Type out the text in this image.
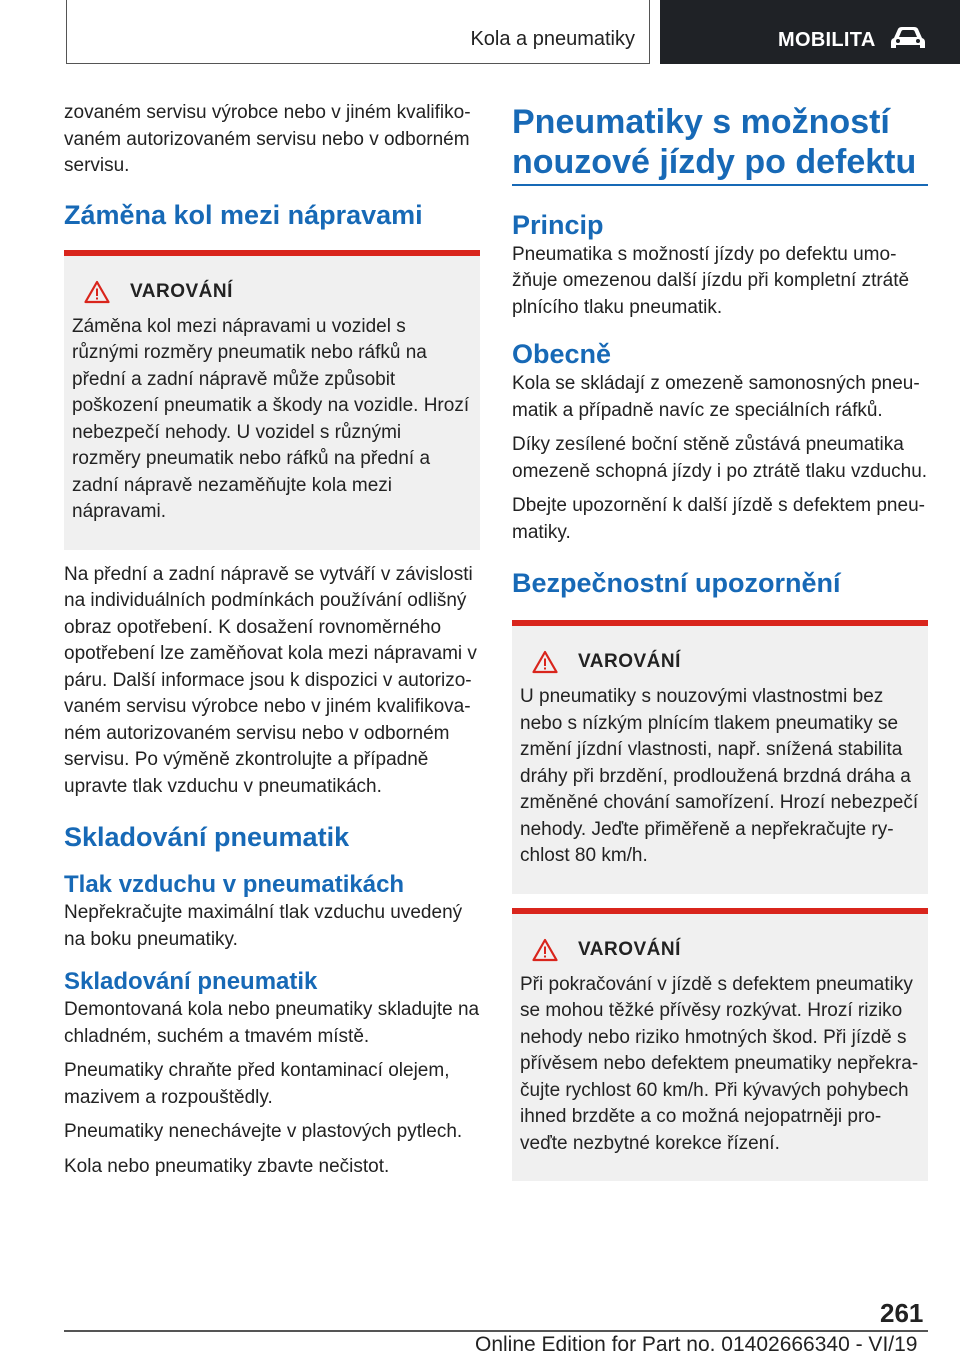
Kola a pneumatiky	MOBILITA

zovaném servisu výrobce nebo v jiném kvalifikovaném autorizovaném servisu nebo v odborném servisu.

Záměna kol mezi nápravami
VAROVÁNÍ

Záměna kol mezi nápravami u vozidel s různými rozměry pneumatik nebo ráfků na přední a zadní nápravě může způsobit poškození pneumatik a škody na vozidle. Hrozí nebezpečí nehody. U vozidel s různými rozměry pneumatik nebo ráfků na přední a zadní nápravě nezaměňujte kola mezi nápravami.

Na přední a zadní nápravě se vytváří v závislosti na individuálních podmínkách používání odlišný obraz opotřebení. K dosažení rovnoměrného opotřebení lze zaměňovat kola mezi nápravami v páru. Další informace jsou k dispozici v autorizovaném servisu výrobce nebo v jiném kvalifikovaném autorizovaném servisu nebo v odborném servisu. Po výměně zkontrolujte a případně upravte tlak vzduchu v pneumatikách.

Skladování pneumatik
Tlak vzduchu v pneumatikách

Nepřekračujte maximální tlak vzduchu uvedený na boku pneumatiky.

Skladování pneumatik

Demontovaná kola nebo pneumatiky skladujte na chladném, suchém a tmavém místě.

Pneumatiky chraňte před kontaminací olejem, mazivem a rozpouštědly.

Pneumatiky nenechávejte v plastových pytlech.

Kola nebo pneumatiky zbavte nečistot.

Pneumatiky s možností nouzové jízdy po defektu
Princip

Pneumatika s možností jízdy po defektu umožňuje omezenou další jízdu při kompletní ztrátě plnícího tlaku pneumatik.

Obecně

Kola se skládají z omezeně samonosných pneumatik a případně navíc ze speciálních ráfků.

Díky zesílené boční stěně zůstává pneumatika omezeně schopná jízdy i po ztrátě tlaku vzduchu.

Dbejte upozornění k další jízdě s defektem pneumatiky.

Bezpečnostní upozornění
VAROVÁNÍ

U pneumatiky s nouzovými vlastnostmi bez nebo s nízkým plnícím tlakem pneumatiky se změní jízdní vlastnosti, např. snížená stabilita dráhy při brzdění, prodloužená brzdná dráha a změněné chování samořízení. Hrozí nebezpečí nehody. Jeďte přiměřeně a nepřekračujte rychlost 80 km/h.

VAROVÁNÍ

Při pokračování v jízdě s defektem pneumatiky se mohou těžké přívěsy rozkývat. Hrozí riziko nehody nebo riziko hmotných škod. Při jízdě s přívěsem nebo defektem pneumatiky nepřekračujte rychlost 60 km/h. Při kývavých pohybech ihned brzděte a co možná nejopatrněji proveďte nezbytné korekce řízení.

261
Online Edition for Part no. 01402666340 - VI/19
